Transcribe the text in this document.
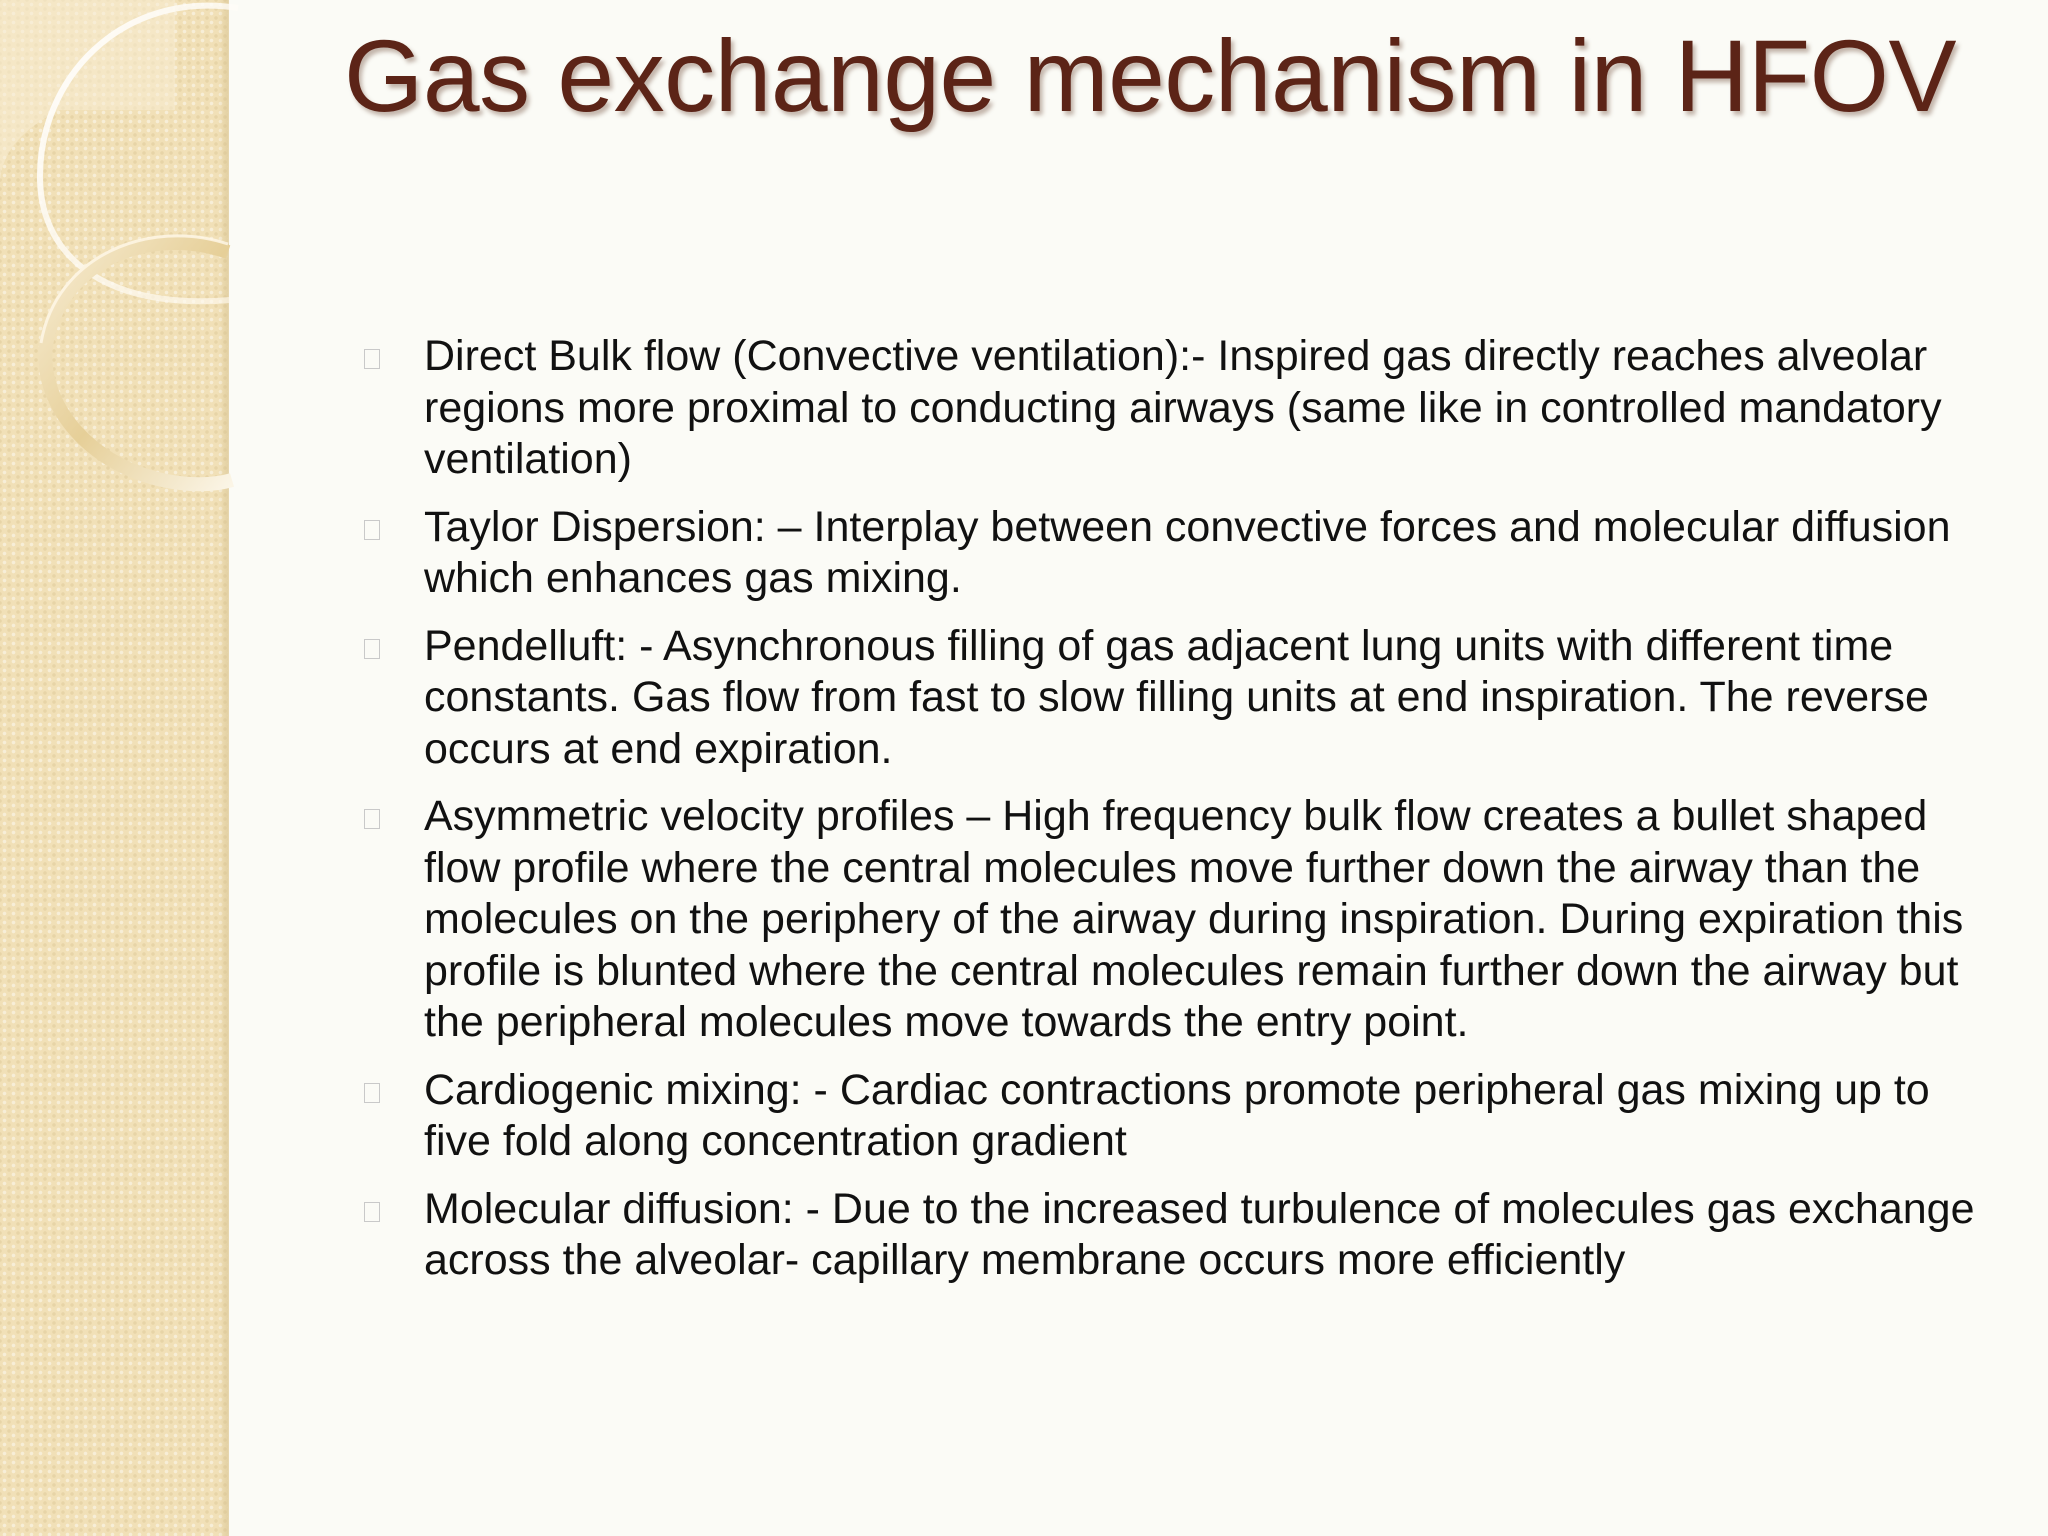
Gas exchange mechanism in HFOV
Direct Bulk flow (Convective ventilation):- Inspired gas directly reaches alveolar regions more proximal to conducting airways (same like in controlled mandatory ventilation)
Taylor Dispersion: – Interplay between convective forces and molecular diffusion which enhances gas mixing.
Pendelluft: - Asynchronous filling of gas adjacent lung units with different time constants. Gas flow from fast to slow filling units at end inspiration. The reverse occurs at end expiration.
Asymmetric velocity profiles – High frequency bulk flow creates a bullet shaped flow profile where the central molecules move further down the airway than the molecules on the periphery of the airway during inspiration. During expiration this profile is blunted where the central molecules remain further down the airway but the peripheral molecules move towards the entry point.
Cardiogenic mixing: - Cardiac contractions promote peripheral gas mixing up to five fold along concentration gradient
Molecular diffusion: - Due to the increased turbulence of molecules gas exchange across the alveolar- capillary membrane occurs more efficiently
